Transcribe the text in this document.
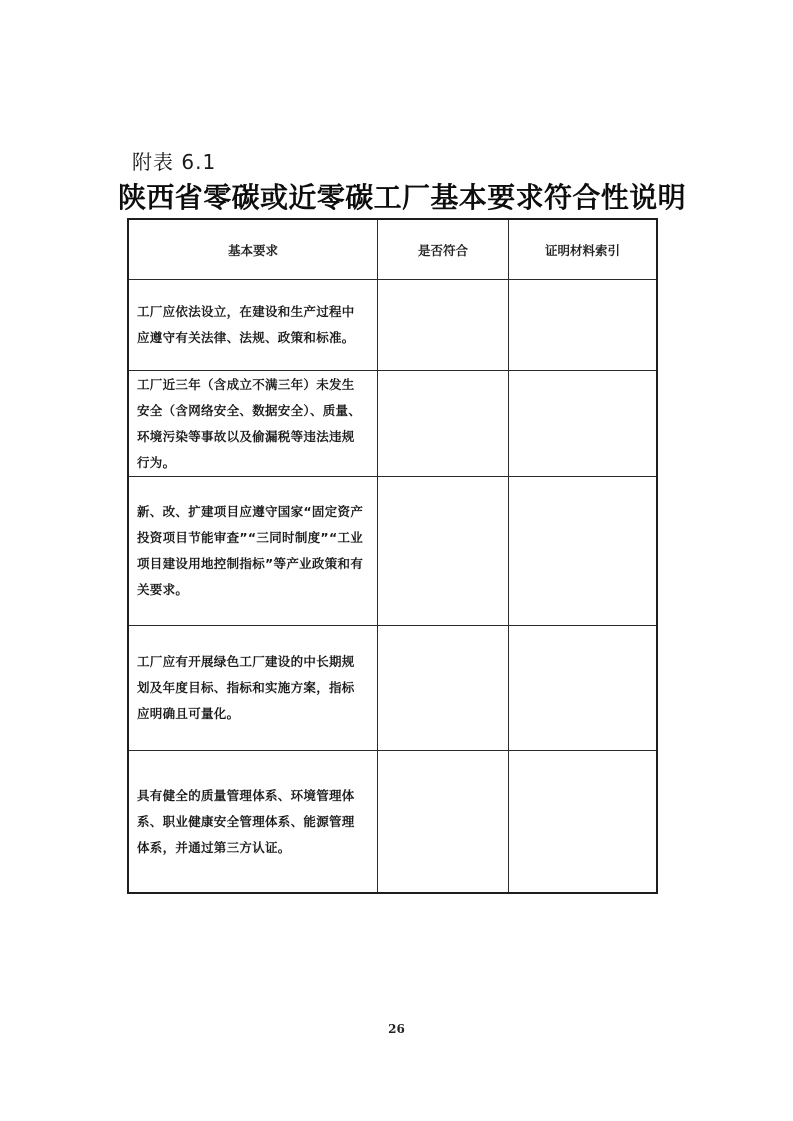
附表 6.1
陕西省零碳或近零碳工厂基本要求符合性说明
基本要求	是否符合	证明材料索引
工厂应依法设立，在建设和生产过程中应遵守有关法律、法规、政策和标准。
工厂近三年（含成立不满三年）未发生安全（含网络安全、数据安全）、质量、环境污染等事故以及偷漏税等违法违规行为。
新、改、扩建项目应遵守国家“固定资产投资项目节能审查”“三同时制度”“工业项目建设用地控制指标”等产业政策和有关要求。
工厂应有开展绿色工厂建设的中长期规划及年度目标、指标和实施方案，指标应明确且可量化。
具有健全的质量管理体系、环境管理体系、职业健康安全管理体系、能源管理体系，并通过第三方认证。
26
